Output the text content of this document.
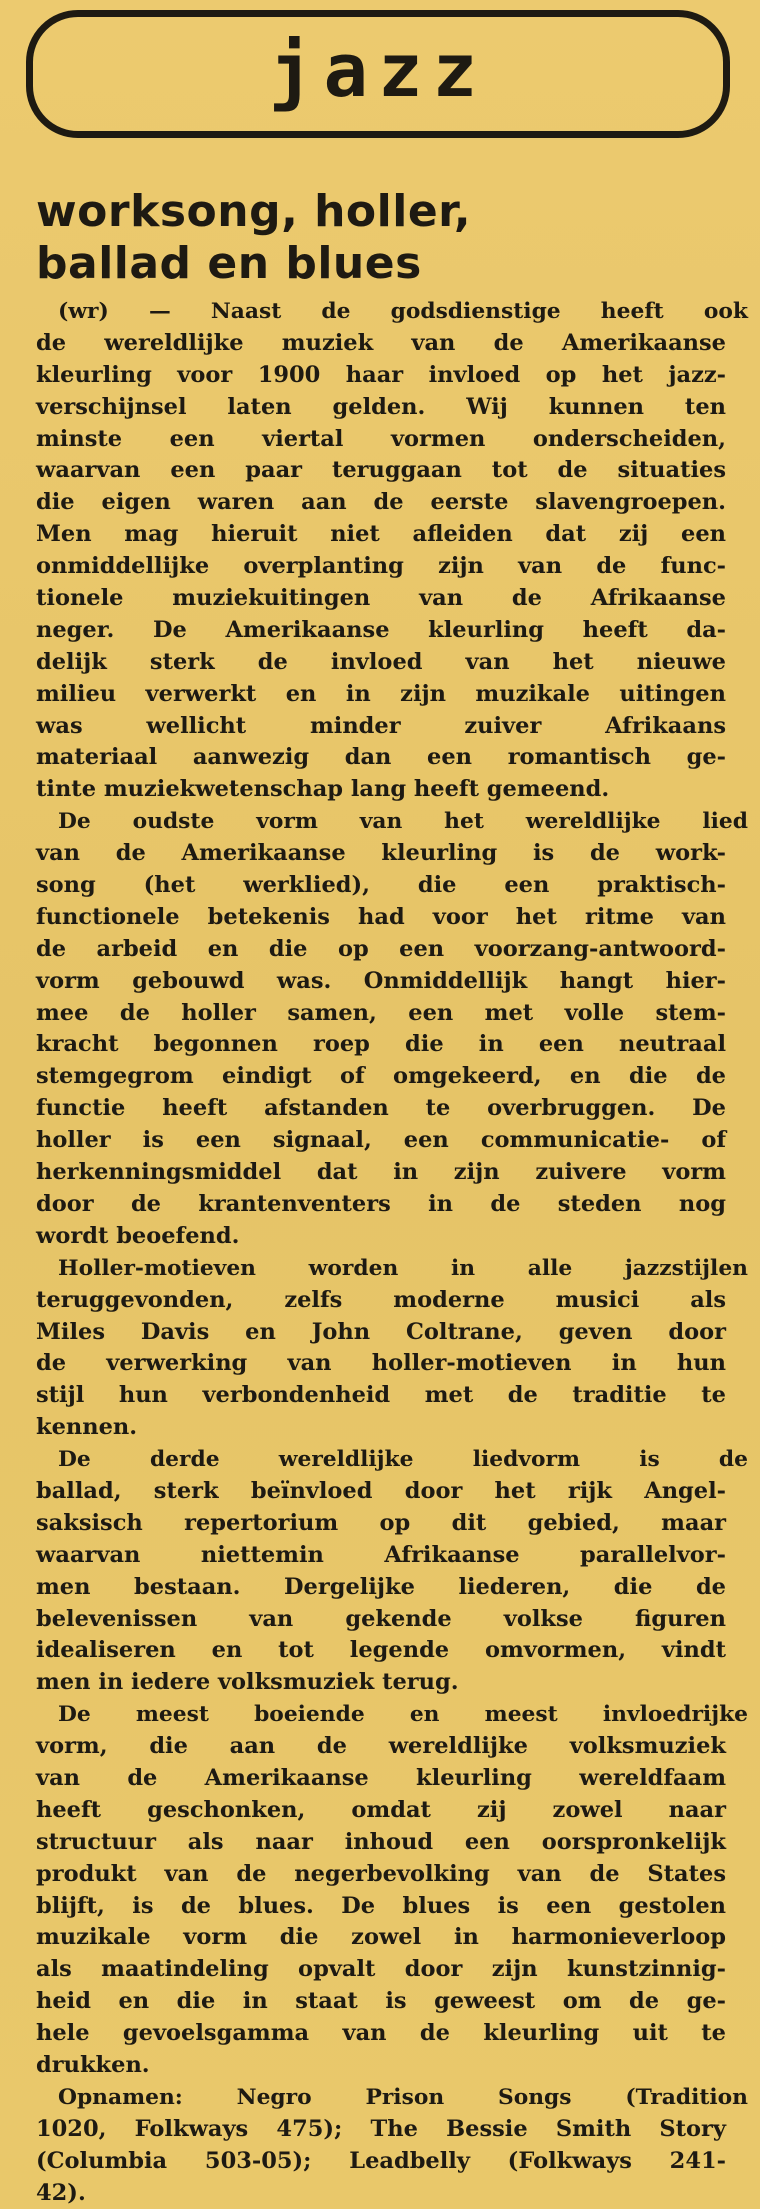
jazz
worksong, holler,
ballad en blues

(wr) — Naast de godsdienstige heeft ook
de wereldlijke muziek van de Amerikaanse
kleurling voor 1900 haar invloed op het jazz-
verschijnsel laten gelden. Wij kunnen ten
minste een viertal vormen onderscheiden,
waarvan een paar teruggaan tot de situaties
die eigen waren aan de eerste slavengroepen.
Men mag hieruit niet afleiden dat zij een
onmiddellijke overplanting zijn van de func-
tionele muziekuitingen van de Afrikaanse
neger. De Amerikaanse kleurling heeft da-
delijk sterk de invloed van het nieuwe
milieu verwerkt en in zijn muzikale uitingen
was wellicht minder zuiver Afrikaans
materiaal aanwezig dan een romantisch ge-
tinte muziekwetenschap lang heeft gemeend.

De oudste vorm van het wereldlijke lied
van de Amerikaanse kleurling is de work-
song (het werklied), die een praktisch-
functionele betekenis had voor het ritme van
de arbeid en die op een voorzang-antwoord-
vorm gebouwd was. Onmiddellijk hangt hier-
mee de holler samen, een met volle stem-
kracht begonnen roep die in een neutraal
stemgegrom eindigt of omgekeerd, en die de
functie heeft afstanden te overbruggen. De
holler is een signaal, een communicatie- of
herkenningsmiddel dat in zijn zuivere vorm
door de krantenventers in de steden nog
wordt beoefend.

Holler-motieven worden in alle jazzstijlen
teruggevonden, zelfs moderne musici als
Miles Davis en John Coltrane, geven door
de verwerking van holler-motieven in hun
stijl hun verbondenheid met de traditie te
kennen.

De derde wereldlijke liedvorm is de
ballad, sterk beïnvloed door het rijk Angel-
saksisch repertorium op dit gebied, maar
waarvan niettemin Afrikaanse parallelvor-
men bestaan. Dergelijke liederen, die de
belevenissen van gekende volkse figuren
idealiseren en tot legende omvormen, vindt
men in iedere volksmuziek terug.

De meest boeiende en meest invloedrijke
vorm, die aan de wereldlijke volksmuziek
van de Amerikaanse kleurling wereldfaam
heeft geschonken, omdat zij zowel naar
structuur als naar inhoud een oorspronkelijk
produkt van de negerbevolking van de States
blijft, is de blues. De blues is een gestolen
muzikale vorm die zowel in harmonieverloop
als maatindeling opvalt door zijn kunstzinnig-
heid en die in staat is geweest om de ge-
hele gevoelsgamma van de kleurling uit te
drukken.

Opnamen: Negro Prison Songs (Tradition
1020, Folkways 475); The Bessie Smith Story
(Columbia 503-05); Leadbelly (Folkways 241-
42).
